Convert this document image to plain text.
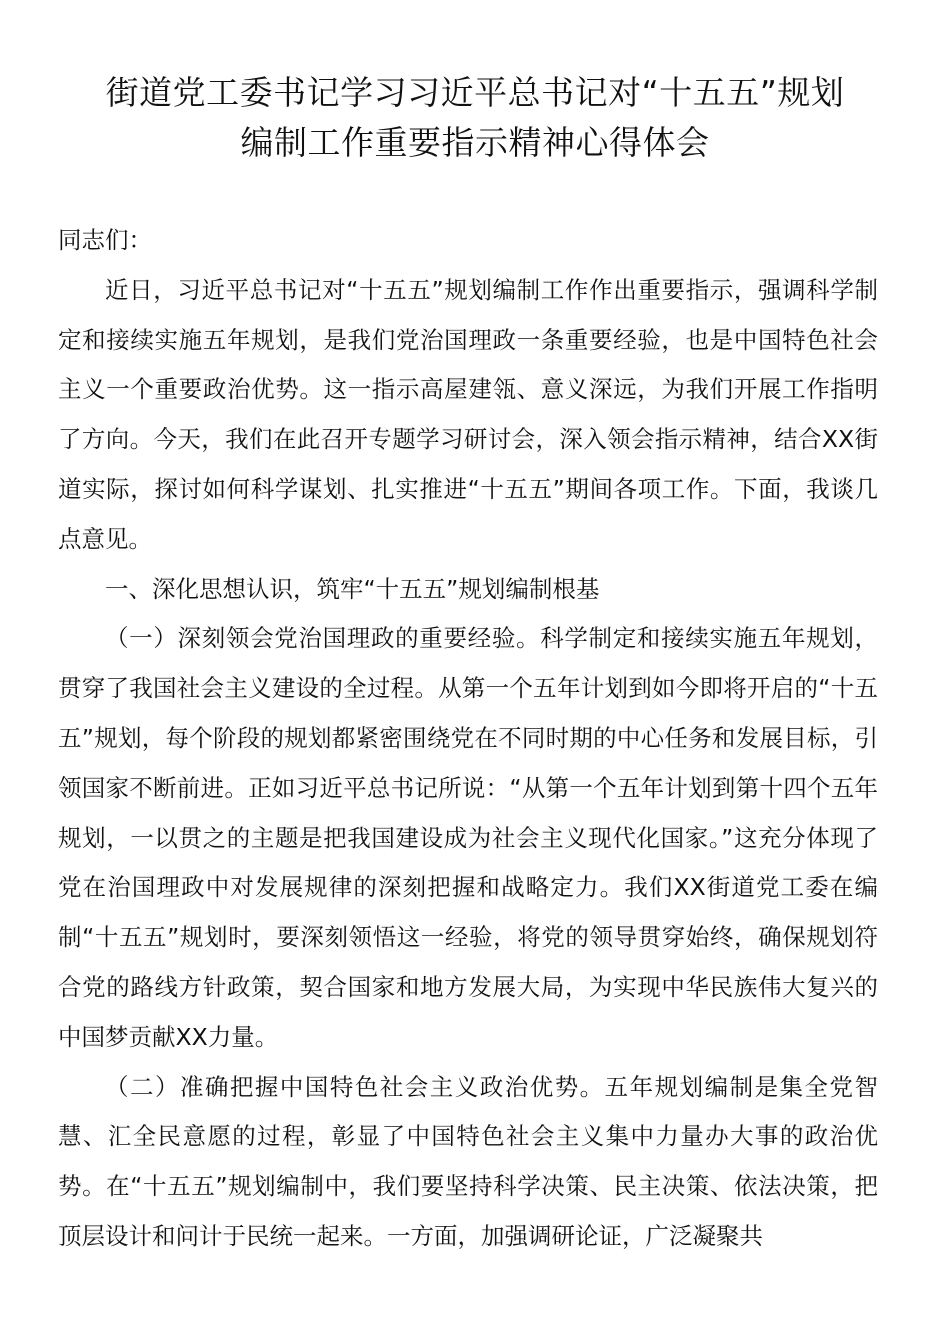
街道党工委书记学习习近平总书记对“十五五”规划
编制工作重要指示精神心得体会

同志们：

近日，习近平总书记对“十五五”规划编制工作作出重要指示，强调科学制定和接续实施五年规划，是我们党治国理政一条重要经验，也是中国特色社会主义一个重要政治优势。这一指示高屋建瓴、意义深远，为我们开展工作指明了方向。今天，我们在此召开专题学习研讨会，深入领会指示精神，结合XX街道实际，探讨如何科学谋划、扎实推进“十五五”期间各项工作。下面，我谈几点意见。

一、深化思想认识，筑牢“十五五”规划编制根基

（一）深刻领会党治国理政的重要经验。科学制定和接续实施五年规划，贯穿了我国社会主义建设的全过程。从第一个五年计划到如今即将开启的“十五五”规划，每个阶段的规划都紧密围绕党在不同时期的中心任务和发展目标，引领国家不断前进。正如习近平总书记所说：“从第一个五年计划到第十四个五年规划，一以贯之的主题是把我国建设成为社会主义现代化国家。”这充分体现了党在治国理政中对发展规律的深刻把握和战略定力。我们XX街道党工委在编制“十五五”规划时，要深刻领悟这一经验，将党的领导贯穿始终，确保规划符合党的路线方针政策，契合国家和地方发展大局，为实现中华民族伟大复兴的中国梦贡献XX力量。

（二）准确把握中国特色社会主义政治优势。五年规划编制是集全党智慧、汇全民意愿的过程，彰显了中国特色社会主义集中力量办大事的政治优势。在“十五五”规划编制中，我们要坚持科学决策、民主决策、依法决策，把顶层设计和问计于民统一起来。一方面，加强调研论证，广泛凝聚共
